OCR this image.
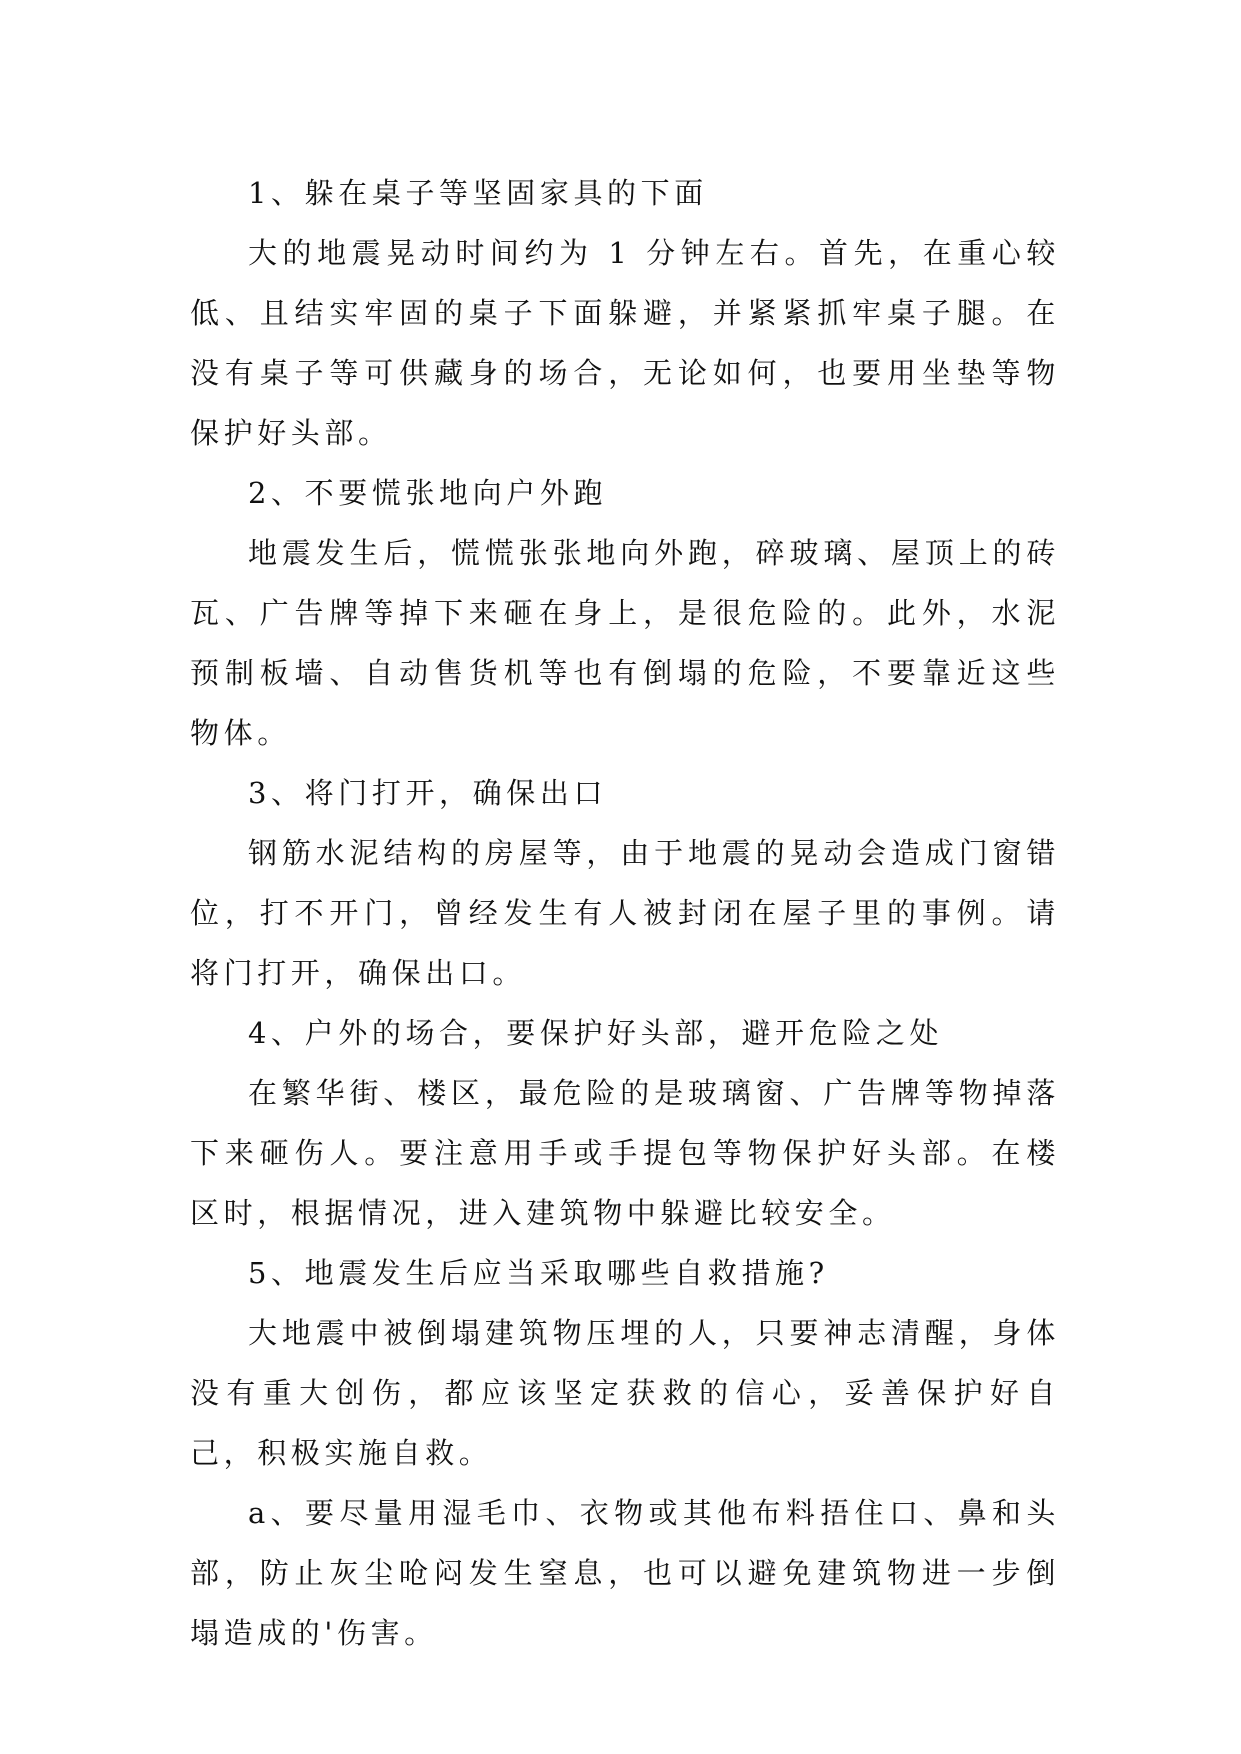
1、躲在桌子等坚固家具的下面

大的地震晃动时间约为 1 分钟左右。首先，在重心较低、且结实牢固的桌子下面躲避，并紧紧抓牢桌子腿。在没有桌子等可供藏身的场合，无论如何，也要用坐垫等物保护好头部。

2、不要慌张地向户外跑

地震发生后，慌慌张张地向外跑，碎玻璃、屋顶上的砖瓦、广告牌等掉下来砸在身上，是很危险的。此外，水泥预制板墙、自动售货机等也有倒塌的危险，不要靠近这些物体。

3、将门打开，确保出口

钢筋水泥结构的房屋等，由于地震的晃动会造成门窗错位，打不开门，曾经发生有人被封闭在屋子里的事例。请将门打开，确保出口。

4、户外的场合，要保护好头部，避开危险之处

在繁华街、楼区，最危险的是玻璃窗、广告牌等物掉落下来砸伤人。要注意用手或手提包等物保护好头部。在楼区时，根据情况，进入建筑物中躲避比较安全。

5、地震发生后应当采取哪些自救措施?

大地震中被倒塌建筑物压埋的人，只要神志清醒，身体没有重大创伤，都应该坚定获救的信心，妥善保护好自己，积极实施自救。

a、要尽量用湿毛巾、衣物或其他布料捂住口、鼻和头部，防止灰尘呛闷发生窒息，也可以避免建筑物进一步倒塌造成的'伤害。
